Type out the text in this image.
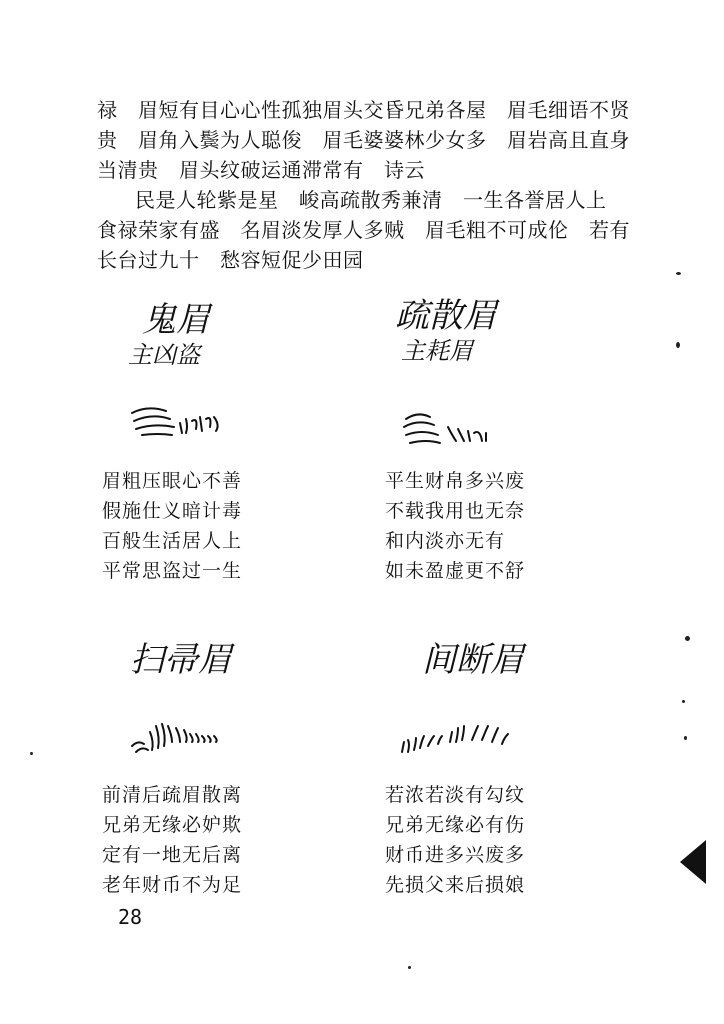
禄　眉短有目心心性孤独眉头交昏兄弟各屋　眉毛细语不贤
贵　眉角入鬓为人聪俊　眉毛婆婆林少女多　眉岩高且直身
当清贵　眉头纹破运通滞常有　诗云
民是人轮紫是星　峻高疏散秀兼清　一生各誉居人上
食禄荣家有盛　名眉淡发厚人多贼　眉毛粗不可成伦　若有
长台过九十　愁容短促少田园
鬼眉
主凶盗
眉粗压眼心不善
假施仕义暗计毒
百般生活居人上
平常思盗过一生
疏散眉
主耗眉
平生财帛多兴废
不载我用也无奈
和内淡亦无有
如未盈虚更不舒
扫帚眉
前清后疏眉散离
兄弟无缘必妒欺
定有一地无后离
老年财币不为足
间断眉
若浓若淡有勾纹
兄弟无缘必有伤
财币进多兴废多
先损父来后损娘
28
